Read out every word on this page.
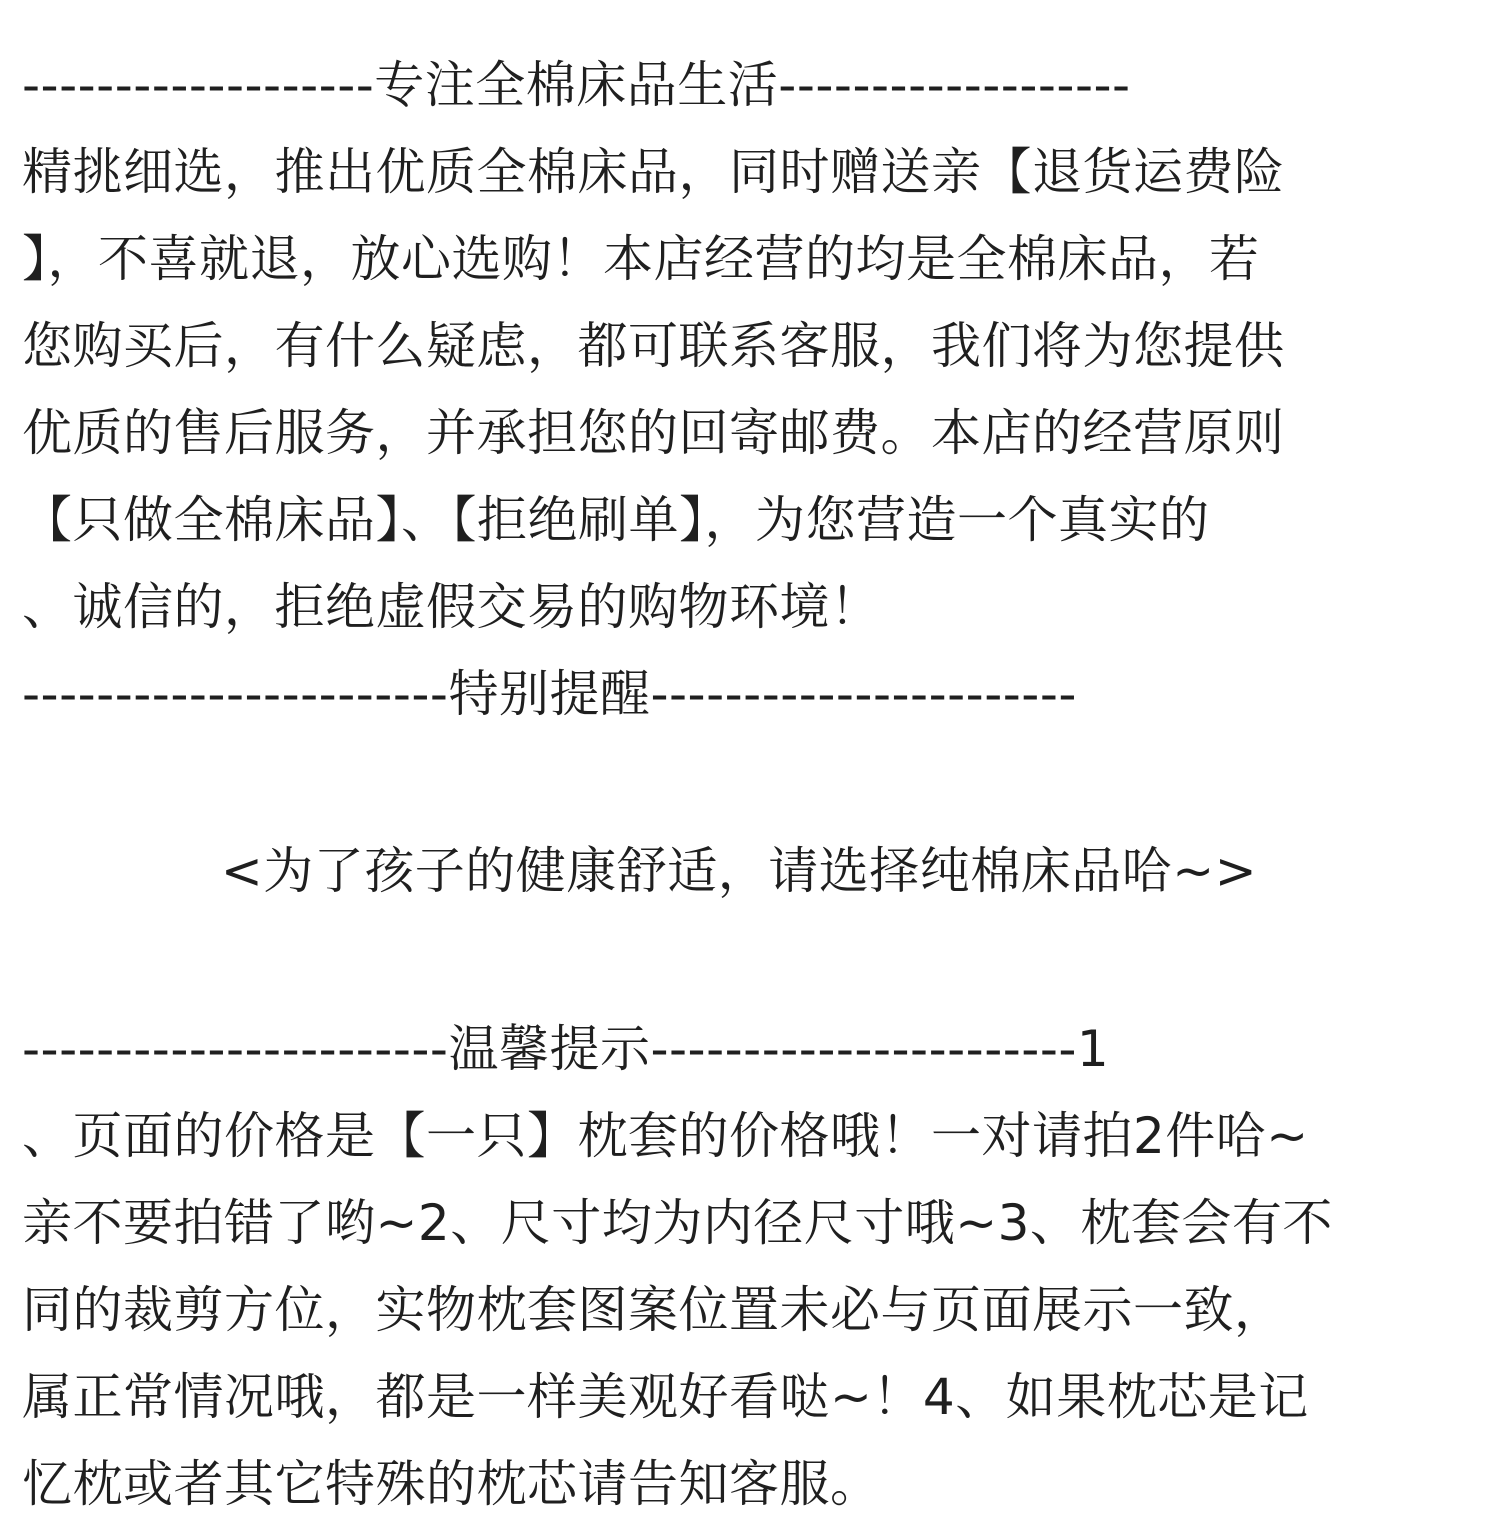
-------------------专注全棉床品生活-------------------
精挑细选，推出优质全棉床品，同时赠送亲【退货运费险
】，不喜就退，放心选购！本店经营的均是全棉床品，若
您购买后，有什么疑虑，都可联系客服，我们将为您提供
优质的售后服务，并承担您的回寄邮费。本店的经营原则
【只做全棉床品】、【拒绝刷单】，为您营造一个真实的
、诚信的，拒绝虚假交易的购物环境！
-----------------------特别提醒-----------------------
<为了孩子的健康舒适，请选择纯棉床品哈~>
-----------------------温馨提示-----------------------1
、页面的价格是【一只】枕套的价格哦！一对请拍2件哈~
亲不要拍错了哟~2、尺寸均为内径尺寸哦~3、枕套会有不
同的裁剪方位，实物枕套图案位置未必与页面展示一致，
属正常情况哦，都是一样美观好看哒~！4、如果枕芯是记
忆枕或者其它特殊的枕芯请告知客服。
